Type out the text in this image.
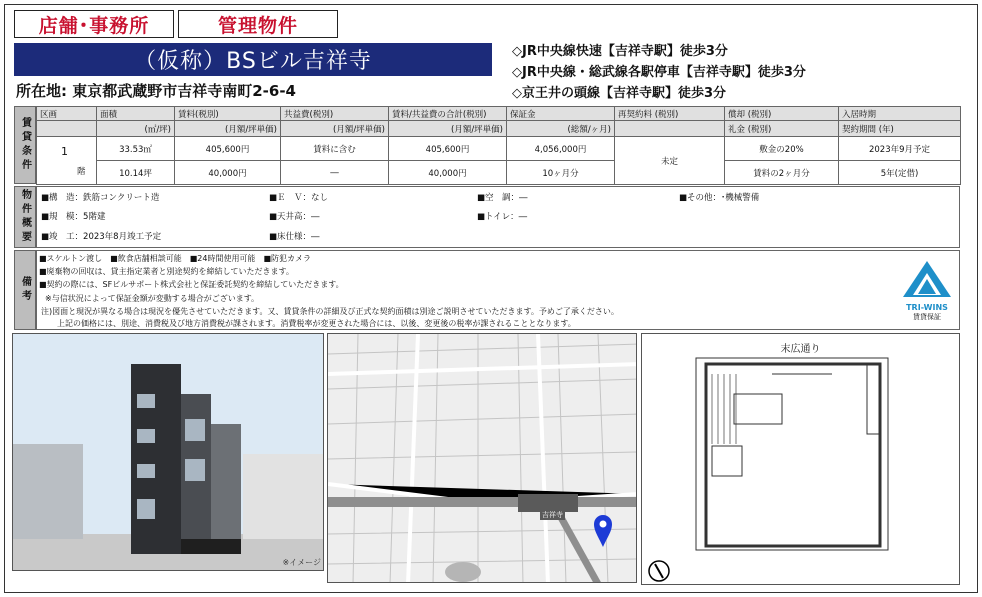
店舗･事務所	管理物件
（仮称）BSビル吉祥寺
所在地: 東京都武蔵野市吉祥寺南町2-6-4
◇JR中央線快速【吉祥寺駅】徒歩3分
◇JR中央線・総武線各駅停車【吉祥寺駅】徒歩3分
◇京王井の頭線【吉祥寺駅】徒歩3分
賃貸条件
区画	面積	賃料(税別)	共益費(税別)	賃料/共益費の合計(税別)	保証金	再契約料 (税別)	償却 (税別)	入居時期
	(㎡/坪)	(月額/坪単価)	(月額/坪単価)	(月額/坪単価)	(総額/ヶ月)		礼金 (税別)	契約期間 (年)

1
階	33.53㎡	405,600円	賃料に含む	405,600円	4,056,000円	未定	敷金の20%	2023年9月予定
	10.14坪	40,000円	―	40,000円	10ヶ月分		賃料の2ヶ月分	5年(定借)
物件概要	■構　造：鉄筋コンクリート造	■Ｅ　Ｖ：なし	■空　調：―	■その他：･機械警備
■規　模：5階建	■天井高：―	■トイレ：―
■竣　工：2023年8月竣工予定	■床仕様：―
備考
■スケルトン渡し　■飲食店舗相談可能　■24時間使用可能　■防犯カメラ
■廃棄物の回収は、貸主指定業者と別途契約を締結していただきます。
■契約の際には、SFビルサポート株式会社と保証委託契約を締結していただきます。
※与信状況によって保証金額が変動する場合がございます。
注)図面と現況が異なる場合は現況を優先させていただきます。又、賃貸条件の詳細及び正式な契約面積は別途ご説明させていただきます。予めご了承ください。
上記の価格には、別途、消費税及び地方消費税が課されます。消費税率が変更された場合には、以後、変更後の税率が課されることとなります。
TRI-WINS
賃貸保証
※イメージ
吉祥寺
末広通り
